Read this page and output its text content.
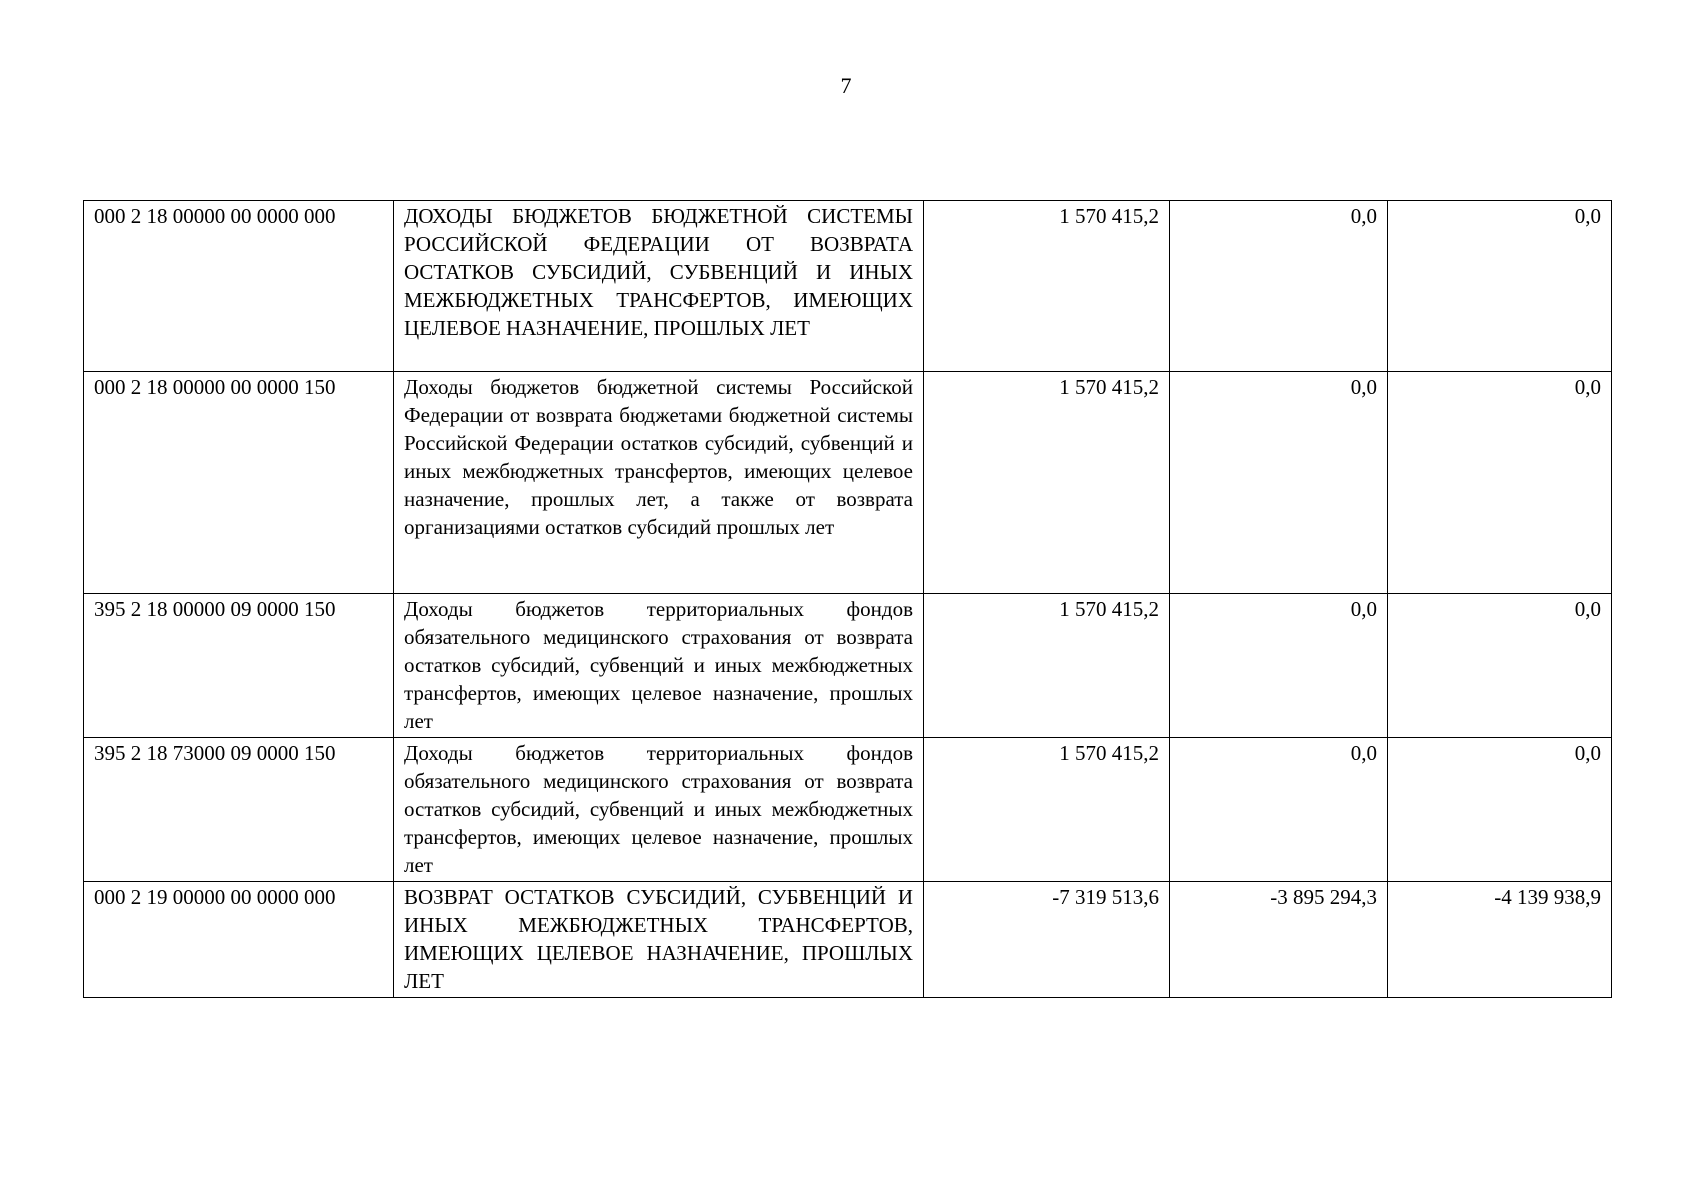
7
000 2 18 00000 00 0000 000	ДОХОДЫ БЮДЖЕТОВ БЮДЖЕТНОЙ СИСТЕМЫ РОССИЙСКОЙ ФЕДЕРАЦИИ ОТ ВОЗВРАТА ОСТАТКОВ СУБСИДИЙ, СУБВЕНЦИЙ И ИНЫХ МЕЖБЮДЖЕТНЫХ ТРАНСФЕРТОВ, ИМЕЮЩИХ ЦЕЛЕВОЕ НАЗНАЧЕНИЕ, ПРОШЛЫХ ЛЕТ	1 570 415,2	0,0	0,0
000 2 18 00000 00 0000 150	Доходы бюджетов бюджетной системы Российской Федерации от возврата бюджетами бюджетной системы Российской Федерации остатков субсидий, субвенций и иных межбюджетных трансфертов, имеющих целевое назначение, прошлых лет, а также от возврата организациями остатков субсидий прошлых лет	1 570 415,2	0,0	0,0
395 2 18 00000 09 0000 150	Доходы бюджетов территориальных фондов обязательного медицинского страхования от возврата остатков субсидий, субвенций и иных межбюджетных трансфертов, имеющих целевое назначение, прошлых лет	1 570 415,2	0,0	0,0
395 2 18 73000 09 0000 150	Доходы бюджетов территориальных фондов обязательного медицинского страхования от возврата остатков субсидий, субвенций и иных межбюджетных трансфертов, имеющих целевое назначение, прошлых лет	1 570 415,2	0,0	0,0
000 2 19 00000 00 0000 000	ВОЗВРАТ ОСТАТКОВ СУБСИДИЙ, СУБВЕНЦИЙ И ИНЫХ МЕЖБЮДЖЕТНЫХ ТРАНСФЕРТОВ, ИМЕЮЩИХ ЦЕЛЕВОЕ НАЗНАЧЕНИЕ, ПРОШЛЫХ ЛЕТ	-7 319 513,6	-3 895 294,3	-4 139 938,9
